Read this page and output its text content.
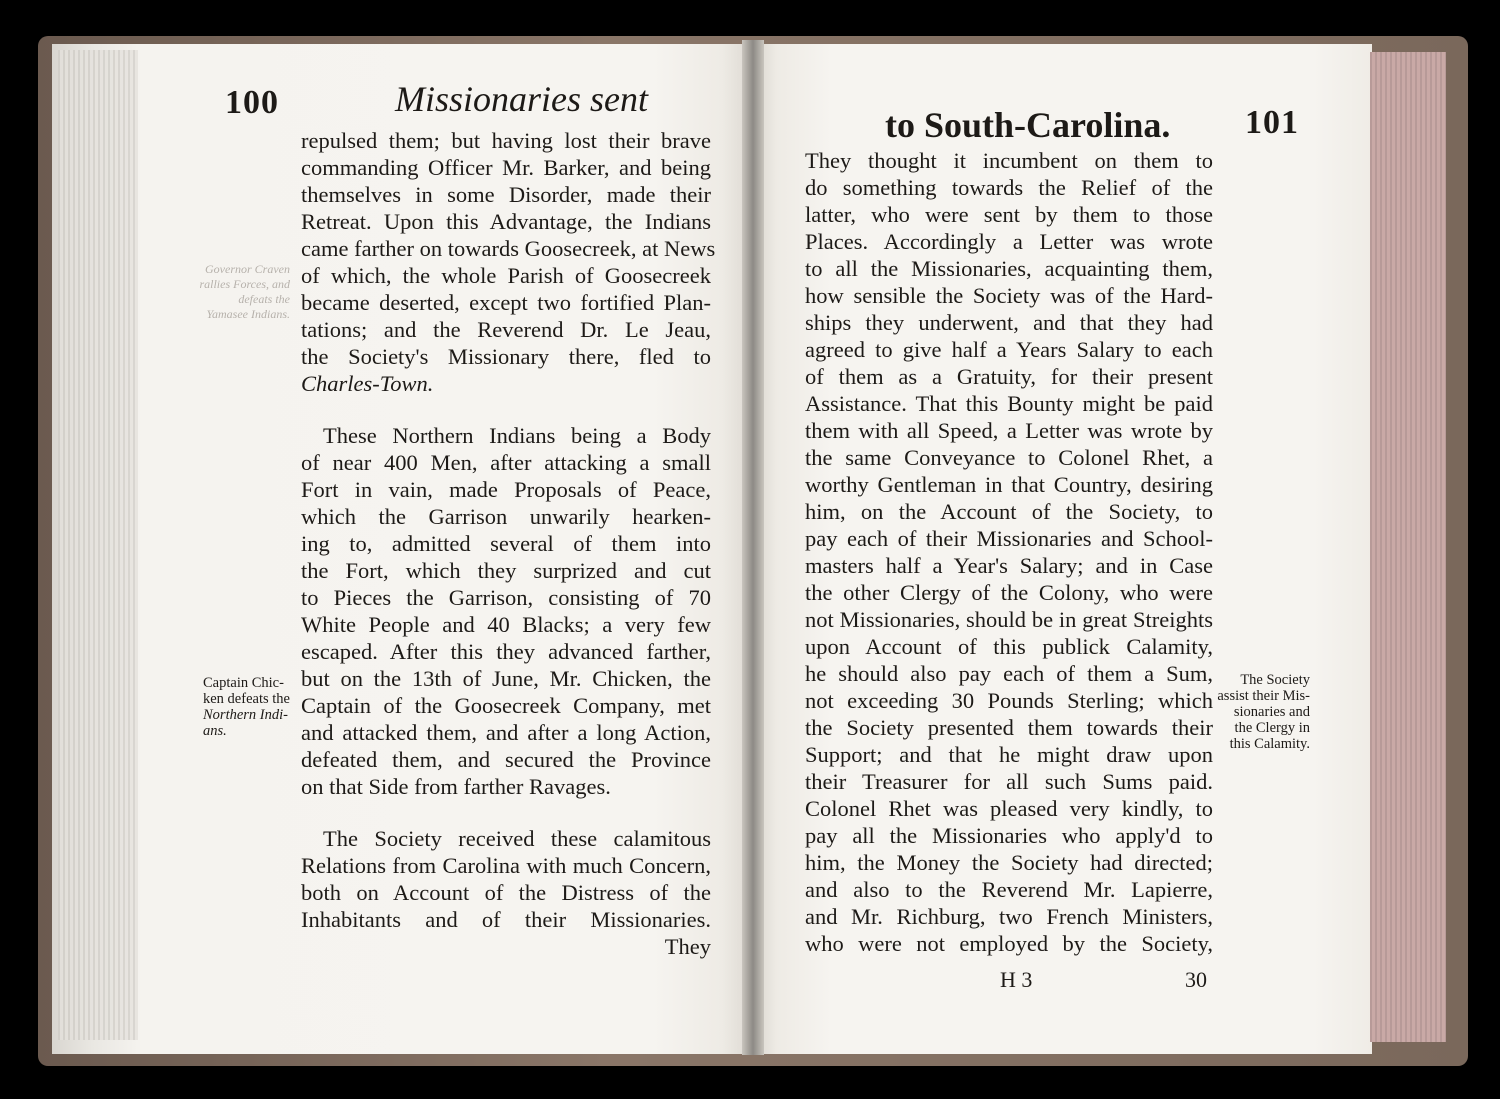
100	Missionaries sent
Governor Craven rallies Forces, and defeats the Yamasee Indians.
repulsed them; but having lost their brave
commanding Officer Mr. Barker, and being
themselves in some Disorder, made their
Retreat. Upon this Advantage, the Indians
came farther on towards Goosecreek, at News
of which, the whole Parish of Goosecreek
became deserted, except two fortified Plan-
tations; and the Reverend Dr. Le Jeau,
the Society's Missionary there, fled to
Charles-Town.
These Northern Indians being a Body
of near 400 Men, after attacking a small
Fort in vain, made Proposals of Peace,
which the Garrison unwarily hearken-
ing to, admitted several of them into
the Fort, which they surprized and cut
to Pieces the Garrison, consisting of 70
White People and 40 Blacks; a very few
escaped. After this they advanced farther,
but on the 13th of June, Mr. Chicken, the
Captain of the Goosecreek Company, met
and attacked them, and after a long Action,
defeated them, and secured the Province
on that Side from farther Ravages.
The Society received these calamitous
Relations from Carolina with much Concern,
both on Account of the Distress of the
Inhabitants and of their Missionaries.
They
Captain Chic-
ken defeats the
Northern Indi-
ans.
to South-Carolina. 101
They thought it incumbent on them to
do something towards the Relief of the
latter, who were sent by them to those
Places. Accordingly a Letter was wrote
to all the Missionaries, acquainting them,
how sensible the Society was of the Hard-
ships they underwent, and that they had
agreed to give half a Years Salary to each
of them as a Gratuity, for their present
Assistance. That this Bounty might be paid
them with all Speed, a Letter was wrote by
the same Conveyance to Colonel Rhet, a
worthy Gentleman in that Country, desiring
him, on the Account of the Society, to
pay each of their Missionaries and School-
masters half a Year's Salary; and in Case
the other Clergy of the Colony, who were
not Missionaries, should be in great Streights
upon Account of this publick Calamity,
he should also pay each of them a Sum,
not exceeding 30 Pounds Sterling; which
the Society presented them towards their
Support; and that he might draw upon
their Treasurer for all such Sums paid.
Colonel Rhet was pleased very kindly, to
pay all the Missionaries who apply'd to
him, the Money the Society had directed;
and also to the Reverend Mr. Lapierre,
and Mr. Richburg, two French Ministers,
who were not employed by the Society,
H 3	30
The Society
assist their Mis-
sionaries and
the Clergy in
this Calamity.
